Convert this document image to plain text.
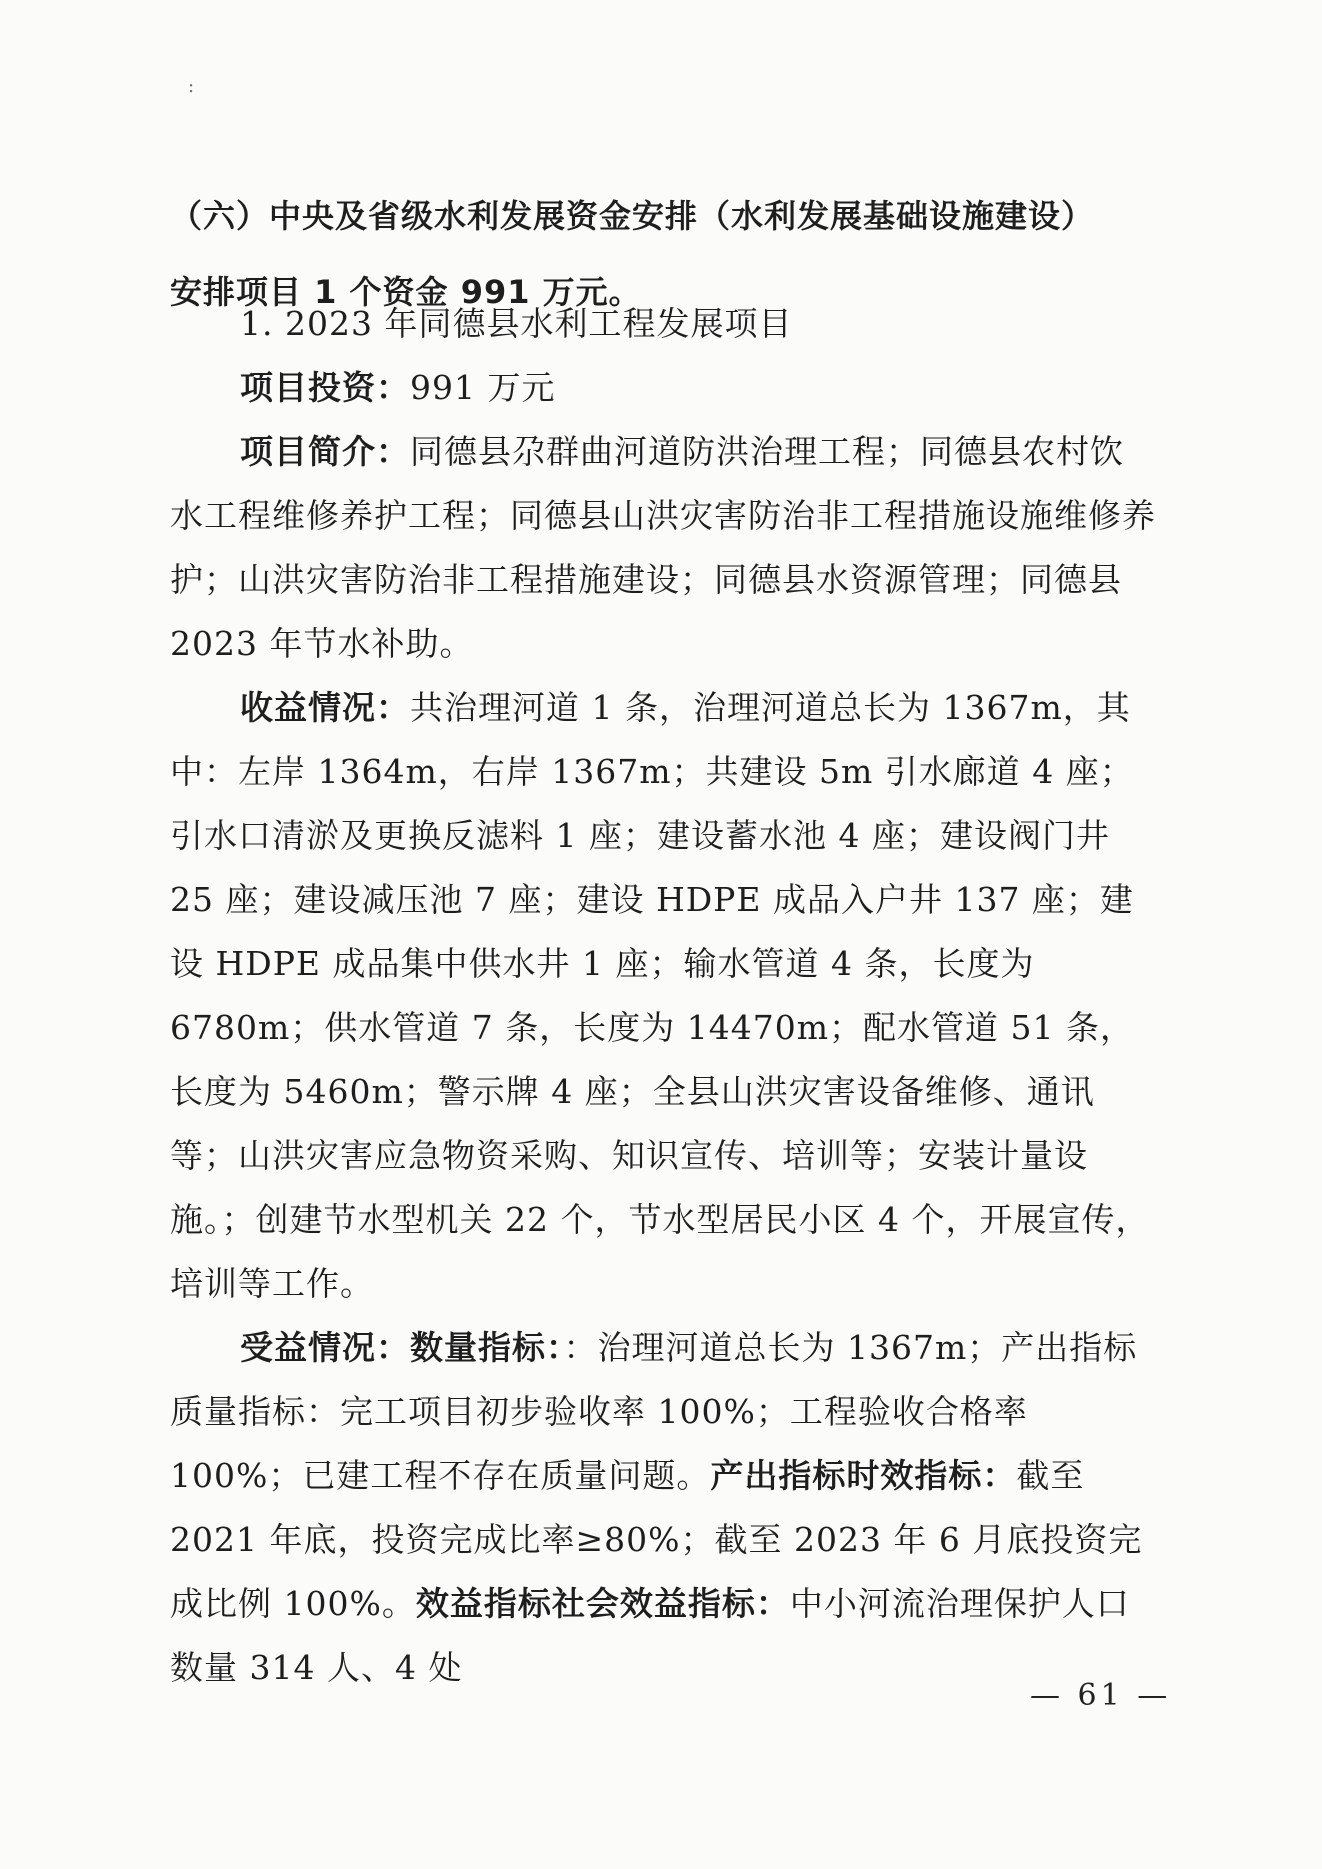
:
（六）中央及省级水利发展资金安排（水利发展基础设施建设）
安排项目 1 个资金 991 万元。

1. 2023 年同德县水利工程发展项目

项目投资：991 万元

项目简介：同德县尕群曲河道防洪治理工程；同德县农村饮水工程维修养护工程；同德县山洪灾害防治非工程措施设施维修养护；山洪灾害防治非工程措施建设；同德县水资源管理；同德县 2023 年节水补助。

收益情况：共治理河道 1 条，治理河道总长为 1367m，其中：左岸 1364m，右岸 1367m；共建设 5m 引水廊道 4 座；引水口清淤及更换反滤料 1 座；建设蓄水池 4 座；建设阀门井 25 座；建设减压池 7 座；建设 HDPE 成品入户井 137 座；建设 HDPE 成品集中供水井 1 座；输水管道 4 条，长度为 6780m；供水管道 7 条，长度为 14470m；配水管道 51 条，长度为 5460m；警示牌 4 座；全县山洪灾害设备维修、通讯等；山洪灾害应急物资采购、知识宣传、培训等；安装计量设施。；创建节水型机关 22 个，节水型居民小区 4 个，开展宣传，培训等工作。

受益情况：数量指标：：治理河道总长为 1367m；产出指标质量指标：完工项目初步验收率 100%；工程验收合格率 100%；已建工程不存在质量问题。产出指标时效指标：截至 2021 年底，投资完成比率≥80%；截至 2023 年 6 月底投资完成比例 100%。效益指标社会效益指标：中小河流治理保护人口数量 314 人、4 处

— 61 —
